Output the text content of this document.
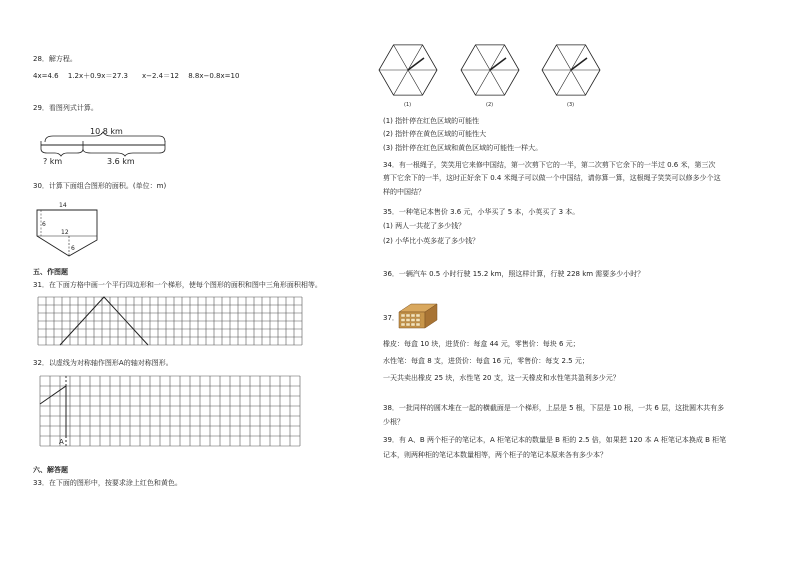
28．解方程。
4x=4.6　 1.2x＋0.9x＝27.3　　x−2.4＝12　 8.8x−0.8x=10
29．看图列式计算。
10.8 km
? km	3.6 km
30．计算下面组合图形的面积。(单位：m)
14
6
12
6
五、作图题
31．在下面方格中画一个平行四边形和一个梯形，使每个图形的面积和图中三角形面积相等。
32．以虚线为对称轴作图形A的轴对称图形。
A
六、解答题
33．在下面的图形中，按要求涂上红色和黄色。
(1)	(2)	(3)
(1) 指针停在红色区域的可能性
(2) 指针停在黄色区域的可能性大
(3) 指针停在红色区域和黄色区域的可能性一样大。
34．有一根绳子，笑笑用它来修中国结，第一次剪下它的一半，第二次剪下它余下的一半过 0.6 米，第三次
剪下它余下的一半，这时正好余下 0.4 米绳子可以做一个中国结，请你算一算，这根绳子笑笑可以修多少个这
样的中国结？
35．一种笔记本售价 3.6 元，小华买了 5 本，小英买了 3 本。
(1) 两人一共花了多少钱？
(2) 小华比小英多花了多少钱？
36．一辆汽车 0.5 小时行驶 15.2 km，照这样计算，行驶 228 km 需要多少小时？
37．
橡皮：每盒 10 块，进货价：每盒 44 元，零售价：每块 6 元；
水性笔：每盒 8 支，进货价：每盒 16 元，零售价：每支 2.5 元；
一天共卖出橡皮 25 块，水性笔 20 支，这一天橡皮和水性笔共盈利多少元？
38．一批同样的圆木堆在一起的横截面是一个梯形，上层是 5 根，下层是 10 根，一共 6 层，这批圆木共有多
少根？
39．有 A、B 两个柜子的笔记本，A 柜笔记本的数量是 B 柜的 2.5 倍，如果把 120 本 A 柜笔记本换成 B 柜笔
记本，则两种柜的笔记本数量相等，两个柜子的笔记本原来各有多少本？
